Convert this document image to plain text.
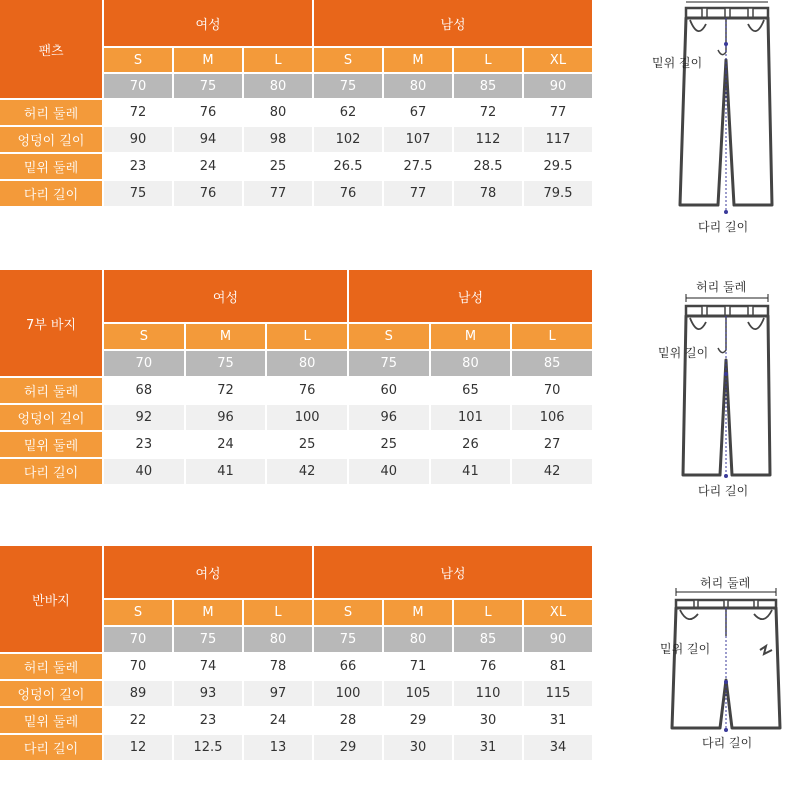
팬츠	여성			남성			
	S	M	L	S	M	L	XL
	70	75	80	75	80	85	90
허리 둘레	72	76	80	62	67	72	77
엉덩이 길이	90	94	98	102	107	112	117
밑위 둘레	23	24	25	26.5	27.5	28.5	29.5
다리 길이	75	76	77	76	77	78	79.5
7부 바지	여성			남성		
	S	M	L	S	M	L
	70	75	80	75	80	85
허리 둘레	68	72	76	60	65	70
엉덩이 길이	92	96	100	96	101	106
밑위 둘레	23	24	25	25	26	27
다리 길이	40	41	42	40	41	42
반바지	여성			남성			
	S	M	L	S	M	L	XL
	70	75	80	75	80	85	90
허리 둘레	70	74	78	66	71	76	81
엉덩이 길이	89	93	97	100	105	110	115
밑위 둘레	22	23	24	28	29	30	31
다리 길이	12	12.5	13	29	30	31	34
밑위 길이
다리 길이
허리 둘레
밑위 길이
다리 길이
허리 둘레
밑위 길이
다리 길이
